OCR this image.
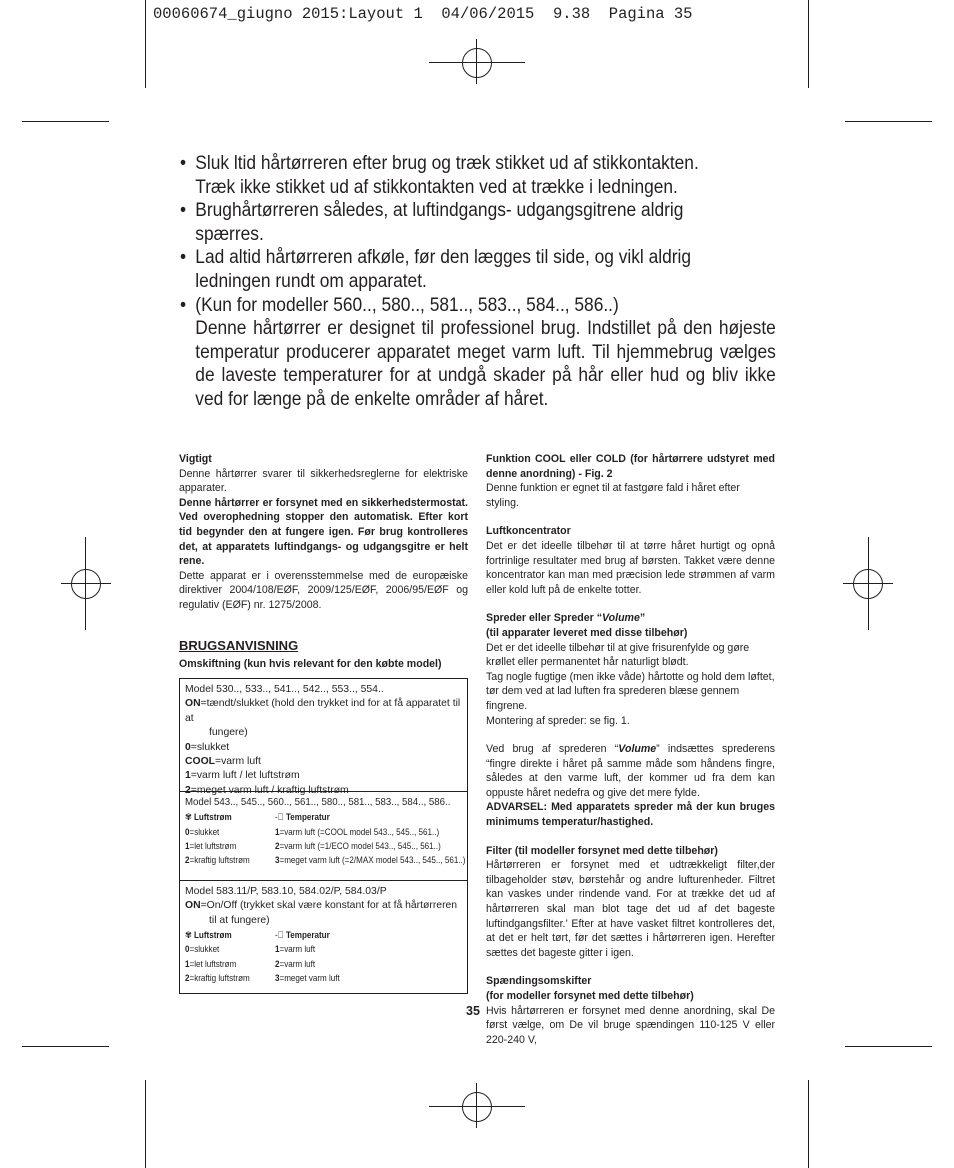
00060674_giugno 2015:Layout 1  04/06/2015  9.38  Pagina 35
• Sluk ltid hårtørreren efter brug og træk stikket ud af stikkontakten.
Træk ikke stikket ud af stikkontakten ved at trække i ledningen.
• Brughårtørreren således, at luftindgangs- udgangsgitrene aldrig
spærres.
• Lad altid hårtørreren afkøle, før den lægges til side, og vikl aldrig
ledningen rundt om apparatet.
• (Kun for modeller 560.., 580.., 581.., 583.., 584.., 586..)
Denne hårtørrer er designet til professionel brug. Indstillet på den højeste temperatur producerer apparatet meget varm luft. Til hjemmebrug vælges de laveste temperaturer for at undgå skader på hår eller hud og bliv ikke ved for længe på de enkelte områder af håret.

Vigtigt

Denne hårtørrer svarer til sikkerhedsreglerne for elektriske apparater.

Denne hårtørrer er forsynet med en sikkerhedstermostat. Ved overophedning stopper den automatisk. Efter kort tid begynder den at fungere igen. Før brug kontrolleres det, at apparatets luftindgangs- og udgangsgitre er helt rene.

Dette apparat er i overensstemmelse med de europæiske direktiver 2004/108/EØF, 2009/125/EØF, 2006/95/EØF og regulativ (EØF) nr. 1275/2008.

BRUGSANVISNING

Omskiftning (kun hvis relevant for den købte model)

Model 530.., 533.., 541.., 542.., 553.., 554..

ON=tændt/slukket (hold den trykket ind for at få apparatet til at

fungere)

0=slukket

COOL=varm luft

1=varm luft / let luftstrøm

2=meget varm luft / kraftig luftstrøm

Model 543.., 545.., 560.., 561.., 580.., 581.., 583.., 584.., 586..

✾ Luftstrøm	-᪲ Temperatur
0=slukket	1=varm luft (=COOL model 543.., 545.., 561..)
1=let luftstrøm	2=varm luft (=1/ECO model 543.., 545.., 561..)
2=kraftig luftstrøm	3=meget varm luft (=2/MAX model 543.., 545.., 561..)

Model 583.11/P, 583.10, 584.02/P, 584.03/P

ON=On/Off (trykket skal være konstant for at få hårtørreren

til at fungere)

✾ Luftstrøm	-᪲ Temperatur
0=slukket	1=varm luft
1=let luftstrøm	2=varm luft
2=kraftig luftstrøm	3=meget varm luft

Funktion COOL eller COLD (for hårtørrere udstyret med denne anordning) - Fig. 2

Denne funktion er egnet til at fastgøre fald i håret efter styling.

Luftkoncentrator

Det er det ideelle tilbehør til at tørre håret hurtigt og opnå fortrinlige resultater med brug af børsten. Takket være denne koncentrator kan man med præcision lede strømmen af varm eller kold luft på de enkelte totter.

Spreder eller Spreder “Volume”

(til apparater leveret med disse tilbehør)

Det er det ideelle tilbehør til at give frisurenfylde og gøre krøllet eller permanentet hår naturligt blødt.

Tag nogle fugtige (men ikke våde) hårtotte og hold dem løftet, tør dem ved at lad luften fra sprederen blæse gennem fingrene.

Montering af spreder: se fig. 1.

Ved brug af sprederen “Volume” indsættes sprederens “fingre direkte i håret på samme måde som håndens fingre, således at den varme luft, der kommer ud fra dem kan oppuste håret nedefra og give det mere fylde.

ADVARSEL: Med apparatets spreder må der kun bruges minimums temperatur/hastighed.

Filter (til modeller forsynet med dette tilbehør)

Hårtørreren er forsynet med et udtrækkeligt filter,der tilbageholder støv, børstehår og andre lufturenheder. Filtret kan vaskes under rindende vand. For at trække det ud af hårtørreren skal man blot tage det ud af det bageste luftindgangsfilter.’ Efter at have vasket filtret kontrolleres det, at det er helt tørt, før det sættes i hårtørreren igen. Herefter sættes det bageste gitter i igen.

Spændingsomskifter

(for modeller forsynet med dette tilbehør)

Hvis hårtørreren er forsynet med denne anordning, skal De først vælge, om De vil bruge spændingen 110-125 V eller 220-240 V,

35
